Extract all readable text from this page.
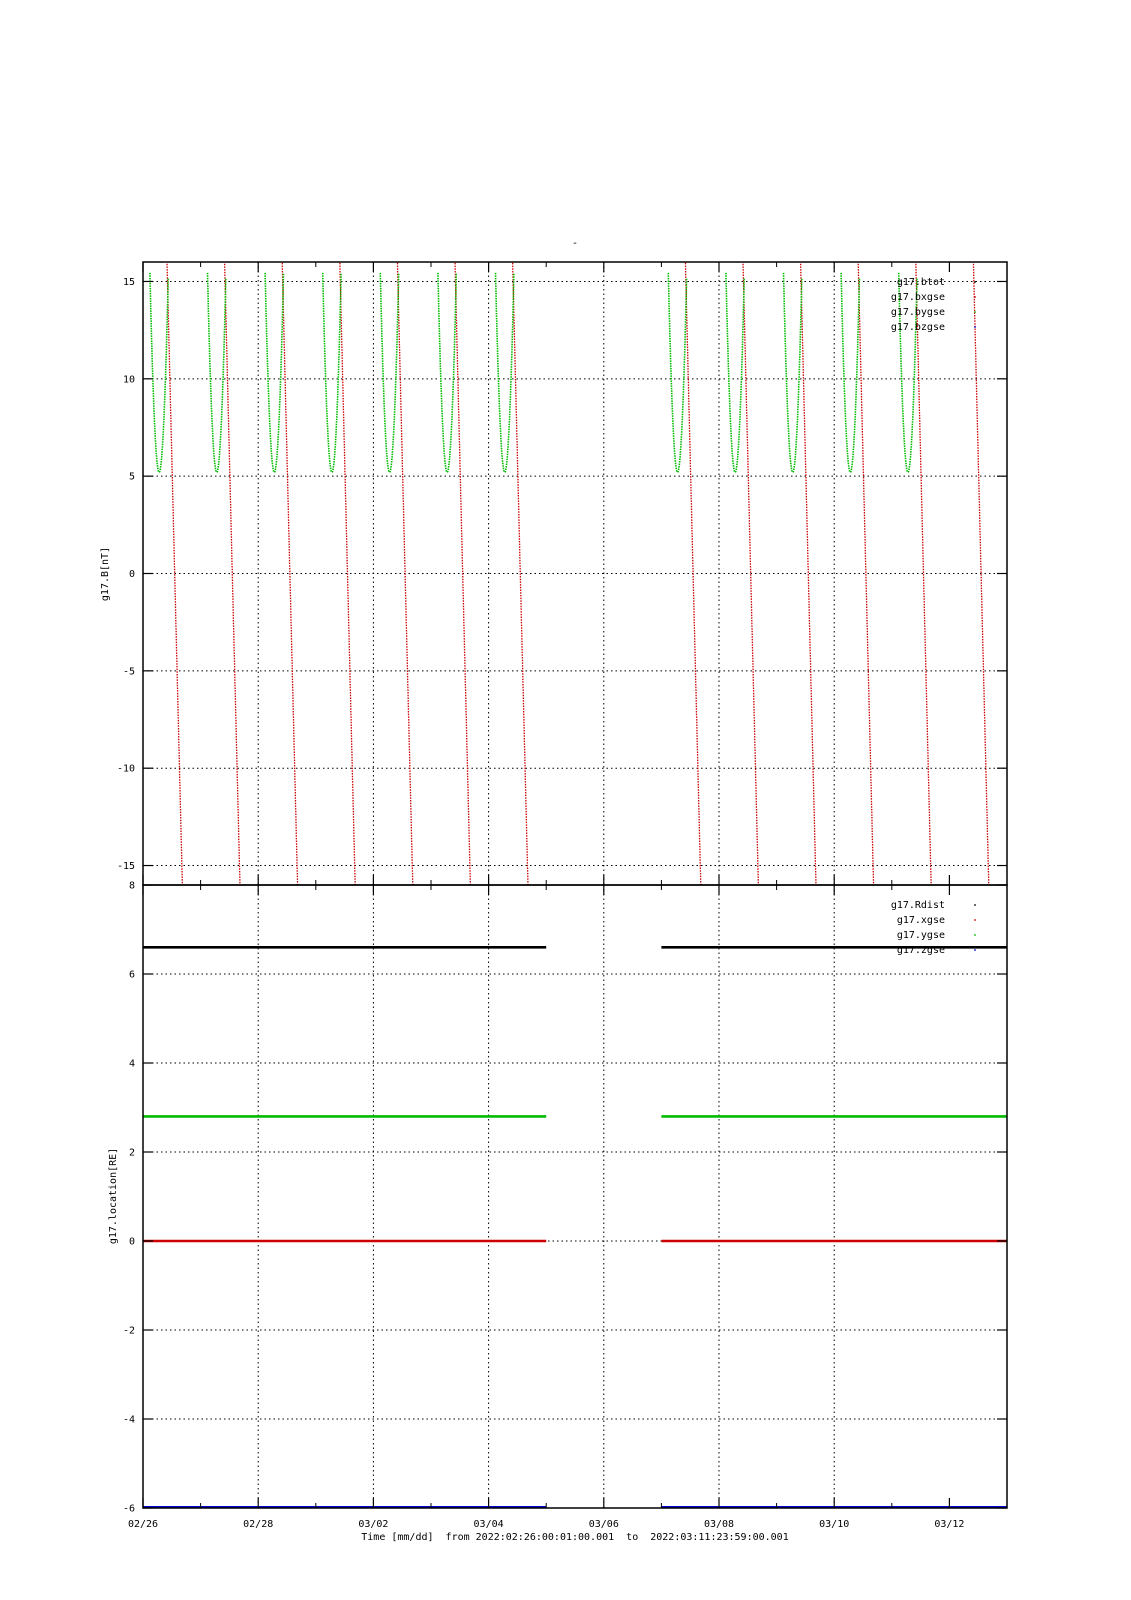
-
-15
-10
-5
0
5
10
15
g17.B[nT]
g17.btot
g17.bxgse
g17.bygse
g17.bzgse
-6
-4
-2
0
2
4
6
8
g17.location[RE]
g17.Rdist
g17.xgse
g17.ygse
g17.zgse
02/26	02/28	03/02	03/04	03/06	03/08	03/10	03/12
Time [mm/dd]  from 2022:02:26:00:01:00.001  to  2022:03:11:23:59:00.001
